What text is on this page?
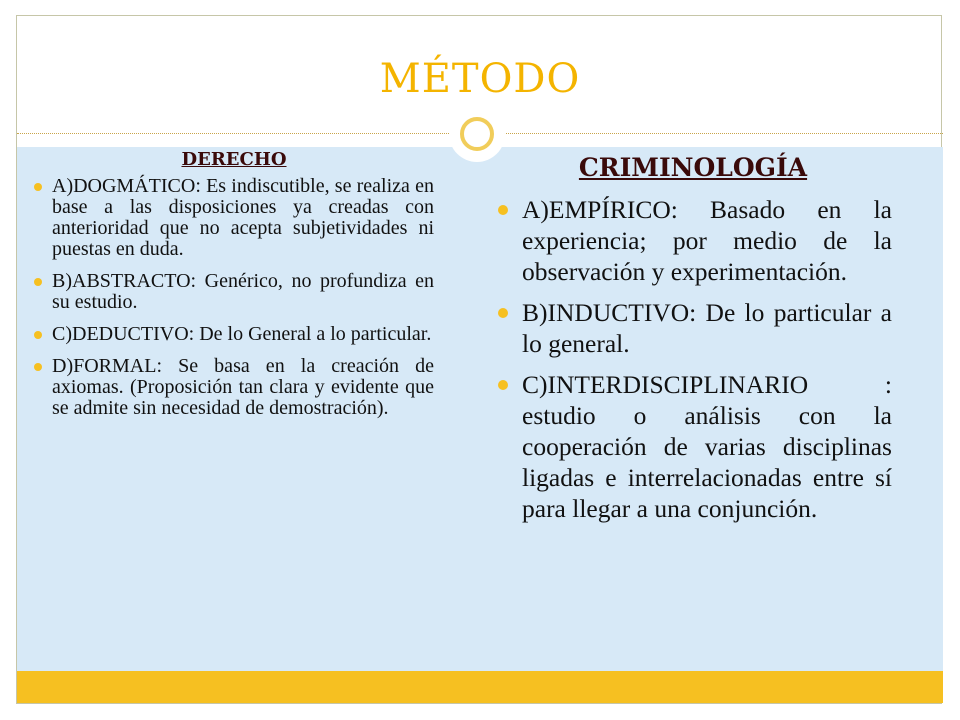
MÉTODO
DERECHO
A)DOGMÁTICO: Es indiscutible, se realiza en base a las disposiciones ya creadas con anterioridad que no acepta subjetividades ni puestas en duda.
B)ABSTRACTO: Genérico, no profundiza en su estudio.
C)DEDUCTIVO: De lo General a lo particular.
D)FORMAL: Se basa en la creación de axiomas. (Proposición tan clara y evidente que se admite sin necesidad de demostración).
CRIMINOLOGÍA
A)EMPÍRICO: Basado en la experiencia; por medio de la observación y experimentación.
B)INDUCTIVO: De lo particular a lo general.
C)INTERDISCIPLINARIO : estudio o análisis con la cooperación de varias disciplinas ligadas e interrelacionadas entre sí para llegar a una conjunción.
